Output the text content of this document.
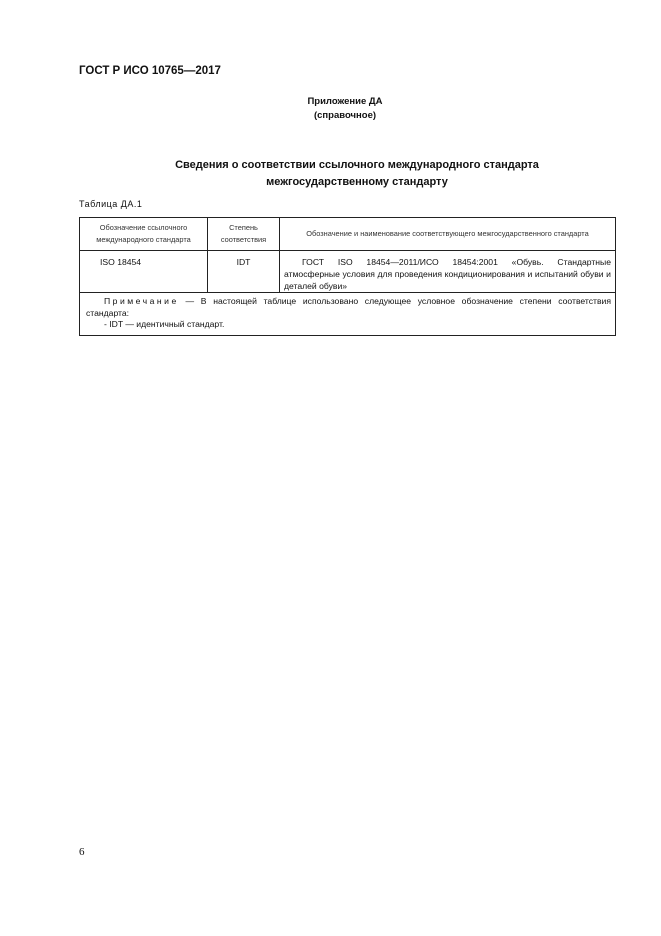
ГОСТ Р ИСО 10765—2017
Приложение ДА
(справочное)
Сведения о соответствии ссылочного международного стандарта
межгосударственному стандарту
Таблица ДА.1
Обозначение ссылочного международного стандарта	Степень соответствия	Обозначение и наименование соответствующего межгосударственного стандарта
ISO 18454	IDT	ГОСТ ISO 18454—2011/ИСО 18454:2001 «Обувь. Стандартные атмосферные условия для проведения кондиционирования и испытаний обуви и деталей обуви»

Примечание — В настоящей таблице использовано следующее условное обозначение степени соответствия стандарта:
- IDT — идентичный стандарт.		
6
